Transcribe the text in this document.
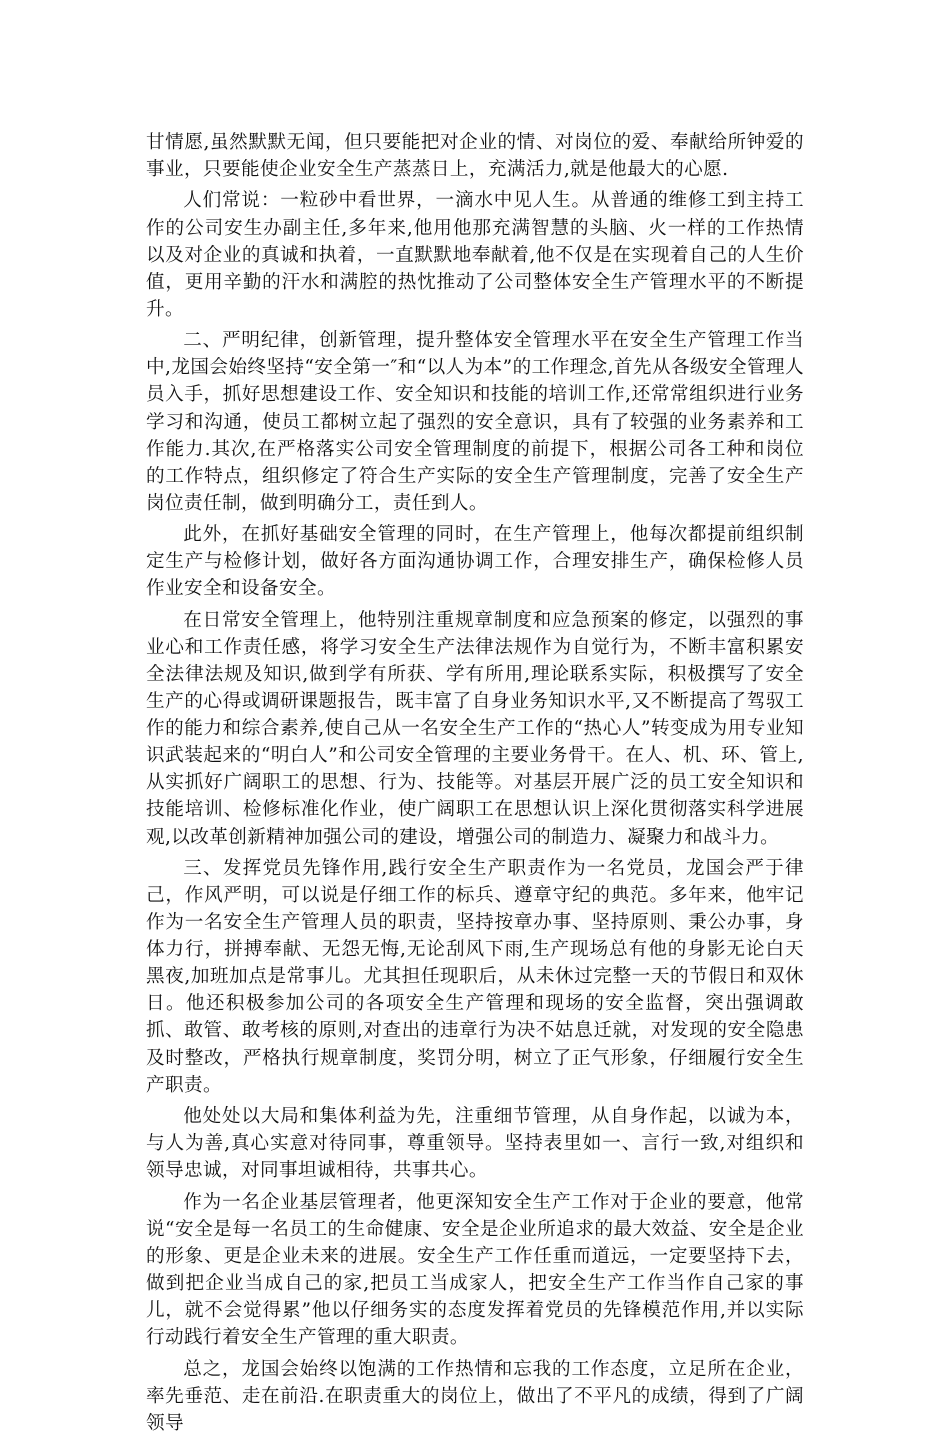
甘情愿,虽然默默无闻，但只要能把对企业的情、对岗位的爱、奉献给所钟爱的事业，只要能使企业安全生产蒸蒸日上，充满活力,就是他最大的心愿.

人们常说：一粒砂中看世界，一滴水中见人生。从普通的维修工到主持工作的公司安生办副主任,多年来,他用他那充满智慧的头脑、火一样的工作热情以及对企业的真诚和执着，一直默默地奉献着,他不仅是在实现着自己的人生价值，更用辛勤的汗水和满腔的热忱推动了公司整体安全生产管理水平的不断提升。

二、严明纪律，创新管理，提升整体安全管理水平在安全生产管理工作当中,龙国会始终坚持“安全第一″和“以人为本”的工作理念,首先从各级安全管理人员入手，抓好思想建设工作、安全知识和技能的培训工作,还常常组织进行业务学习和沟通，使员工都树立起了强烈的安全意识，具有了较强的业务素养和工作能力.其次,在严格落实公司安全管理制度的前提下，根据公司各工种和岗位的工作特点，组织修定了符合生产实际的安全生产管理制度，完善了安全生产岗位责任制，做到明确分工，责任到人。

此外，在抓好基础安全管理的同时，在生产管理上，他每次都提前组织制定生产与检修计划，做好各方面沟通协调工作，合理安排生产，确保检修人员作业安全和设备安全。

在日常安全管理上，他特别注重规章制度和应急预案的修定，以强烈的事业心和工作责任感，将学习安全生产法律法规作为自觉行为，不断丰富积累安全法律法规及知识,做到学有所获、学有所用,理论联系实际，积极撰写了安全生产的心得或调研课题报告，既丰富了自身业务知识水平,又不断提高了驾驭工作的能力和综合素养,使自己从一名安全生产工作的“热心人”转变成为用专业知识武装起来的“明白人”和公司安全管理的主要业务骨干。在人、机、环、管上,从实抓好广阔职工的思想、行为、技能等。对基层开展广泛的员工安全知识和技能培训、检修标准化作业，使广阔职工在思想认识上深化贯彻落实科学进展观,以改革创新精神加强公司的建设，增强公司的制造力、凝聚力和战斗力。

三、发挥党员先锋作用,践行安全生产职责作为一名党员，龙国会严于律己，作风严明，可以说是仔细工作的标兵、遵章守纪的典范。多年来，他牢记作为一名安全生产管理人员的职责，坚持按章办事、坚持原则、秉公办事，身体力行，拼搏奉献、无怨无悔,无论刮风下雨,生产现场总有他的身影无论白天黑夜,加班加点是常事儿。尤其担任现职后，从未休过完整一天的节假日和双休日。他还积极参加公司的各项安全生产管理和现场的安全监督，突出强调敢抓、敢管、敢考核的原则,对查出的违章行为决不姑息迁就，对发现的安全隐患及时整改，严格执行规章制度，奖罚分明，树立了正气形象，仔细履行安全生产职责。

他处处以大局和集体利益为先，注重细节管理，从自身作起，以诚为本，与人为善,真心实意对待同事，尊重领导。坚持表里如一、言行一致,对组织和领导忠诚，对同事坦诚相待，共事共心。

作为一名企业基层管理者，他更深知安全生产工作对于企业的要意，他常说“安全是每一名员工的生命健康、安全是企业所追求的最大效益、安全是企业的形象、更是企业未来的进展。安全生产工作任重而道远，一定要坚持下去，做到把企业当成自己的家,把员工当成家人，把安全生产工作当作自己家的事儿，就不会觉得累”他以仔细务实的态度发挥着党员的先锋模范作用,并以实际行动践行着安全生产管理的重大职责。

总之，龙国会始终以饱满的工作热情和忘我的工作态度，立足所在企业，率先垂范、走在前沿.在职责重大的岗位上，做出了不平凡的成绩，得到了广阔领导
